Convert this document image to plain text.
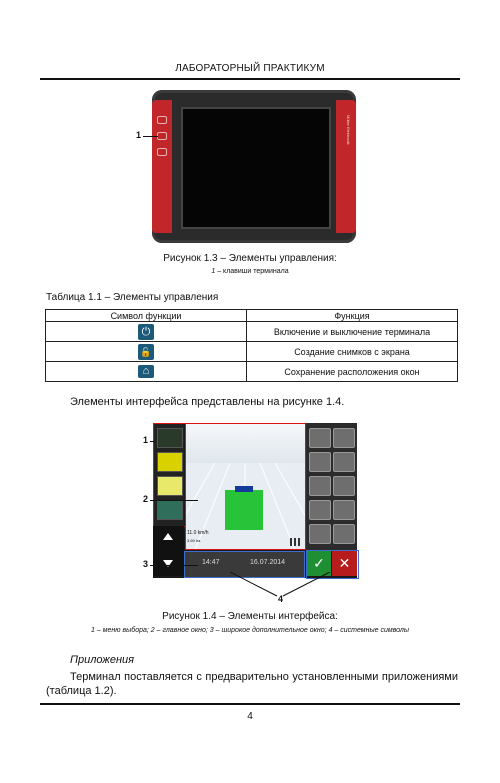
ЛАБОРАТОРНЫЙ ПРАКТИКУМ
Müller Elektronik
1
Рисунок 1.3 – Элементы управления:
1 – клавиши терминала
Таблица 1.1 – Элементы управления
Символ функции	Функция
⏻	Включение и выключение терминала
🔓	Создание снимков с экрана
⌂	Сохранение расположения окон
Элементы интерфейса представлены на рисунке 1.4.
11.0 km/h
3.69 ha
14:47	16.07.2014	✓ ✕
1
2
3
4
Рисунок 1.4 – Элементы интерфейса:
1 – меню выбора; 2 – главное окно; 3 – широкое дополнительное окно; 4 – системные символы
Приложения
Терминал поставляется с предварительно установленными приложениями (таблица 1.2).
4
